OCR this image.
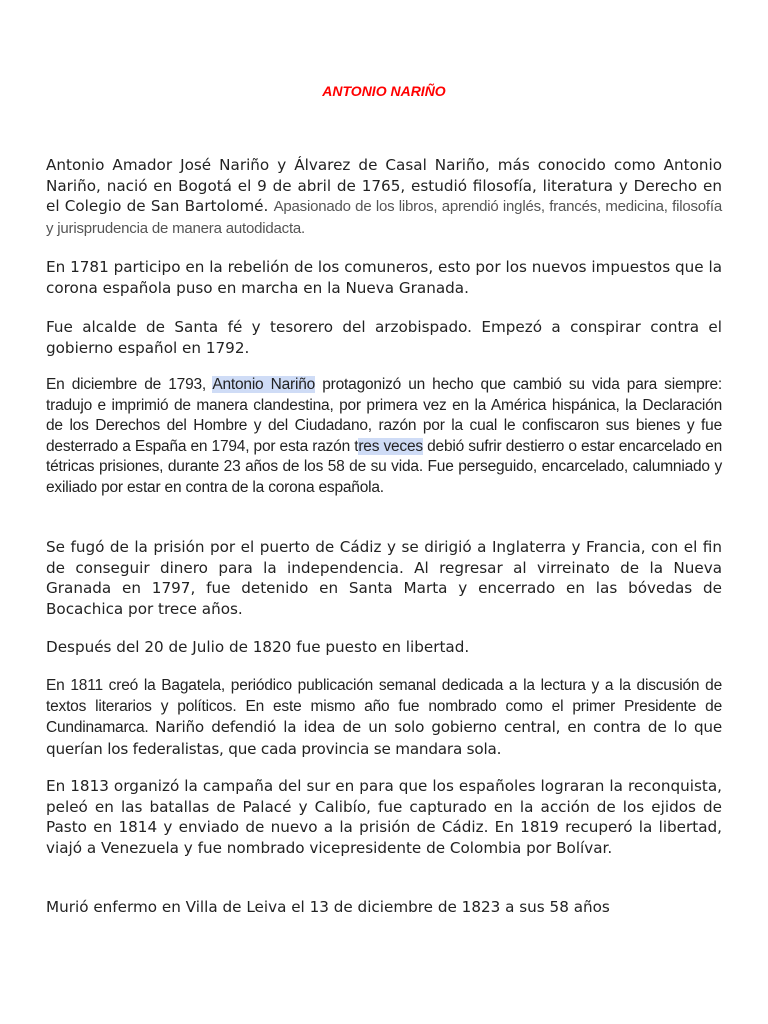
ANTONIO NARIÑO

Antonio Amador José Nariño y Álvarez de Casal Nariño, más conocido como Antonio Nariño, nació en Bogotá el 9 de abril de 1765, estudió filosofía, literatura y Derecho en el Colegio de San Bartolomé. Apasionado de los libros, aprendió inglés, francés, medicina, filosofía y jurisprudencia de manera autodidacta.

En 1781 participo en la rebelión de los comuneros, esto por los nuevos impuestos que la corona española puso en marcha en la Nueva Granada.

Fue alcalde de Santa fé y tesorero del arzobispado. Empezó a conspirar contra el gobierno español en 1792.

En diciembre de 1793, Antonio Nariño protagonizó un hecho que cambió su vida para siempre: tradujo e imprimió de manera clandestina, por primera vez en la América hispánica, la Declaración de los Derechos del Hombre y del Ciudadano, razón por la cual le confiscaron sus bienes y fue desterrado a España en 1794, por esta razón tres veces debió sufrir destierro o estar encarcelado en tétricas prisiones, durante 23 años de los 58 de su vida. Fue perseguido, encarcelado, calumniado y exiliado por estar en contra de la corona española.

Se fugó de la prisión por el puerto de Cádiz y se dirigió a Inglaterra y Francia, con el fin de conseguir dinero para la independencia. Al regresar al virreinato de la Nueva Granada en 1797, fue detenido en Santa Marta y encerrado en las bóvedas de Bocachica por trece años.

Después del 20 de Julio de 1820 fue puesto en libertad.

En 1811 creó la Bagatela, periódico publicación semanal dedicada a la lectura y a la discusión de textos literarios y políticos. En este mismo año fue nombrado como el primer Presidente de Cundinamarca. Nariño defendió la idea de un solo gobierno central, en contra de lo que querían los federalistas, que cada provincia se mandara sola.

En 1813 organizó la campaña del sur en para que los españoles lograran la reconquista, peleó en las batallas de Palacé y Calibío, fue capturado en la acción de los ejidos de Pasto en 1814 y enviado de nuevo a la prisión de Cádiz. En 1819 recuperó la libertad, viajó a Venezuela y fue nombrado vicepresidente de Colombia por Bolívar.

Murió enfermo en Villa de Leiva el 13 de diciembre de 1823 a sus 58 años
